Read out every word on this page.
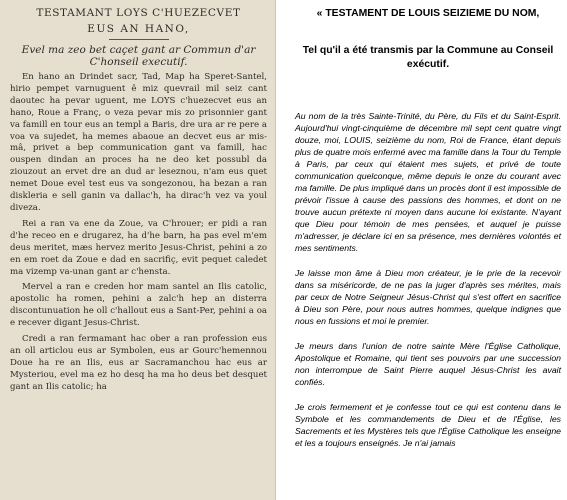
TESTAMANT LOYS C'HUEZECVET
EUS AN HANO,
Evel ma zeo bet caçet gant ar Commun d'ar C'honseil executif.

En hano an Drindet sacr, Tad, Map ha Speret-Santel, hirio pempet varnuguent ê miz quevrail mil seiz cant daoutec ha pevar uguent, me LOYS c'huezecvet eus an hano, Roue a Franç, o veza pevar mis zo prisonnier gant va famill en tour eus an templ a Baris, dre ura ar re pere a voa va sujedet, ha memes abaoue an decvet eus ar mis-mâ, privet a bep communication gant va famill, hac ouspen dindan an proces ha ne deo ket possubl da ziouzout an ervet dre an dud ar leseznou, n'am eus quet nemet Doue evel test eus va songezonou, ha bezan a ran diskleria e sell ganin va dallac'h, ha dirac'h vez va youl diveza.

Rei a ran va ene da Zoue, va C'hrouer; er pidi a ran d'he receo en e drugarez, ha d'he barn, ha pas evel m'em deus meritet, mæs hervez merito Jesus-Christ, pehini a zo en em roet da Zoue e dad en sacrifiç, evit pequet caledet ma vizemp va-unan gant ar c'hensta.

Mervel a ran e creden hor mam santel an Ilis catolic, apostolic ha romen, pehini a zalc'h hep an disterra discontunuation he oll c'hallout eus a Sant-Per, pehini a oa e recever digant Jesus-Christ.

Credi a ran fermamant hac ober a ran profession eus an oll articlou eus ar Symbolen, eus ar Gourc'hemennou Doue ha re an Ilis, eus ar Sacramanchou hac eus ar Mysteriou, evel ma ez ho desq ha ma ho deus bet desquet gant an Ilis catolic; ha

« TESTAMENT DE LOUIS SEIZIEME DU NOM,
Tel qu'il a été transmis par la Commune au Conseil exécutif.

Au nom de la très Sainte-Trinité, du Père, du Fils et du Saint-Esprit. Aujourd'hui vingt-cinquième de décembre mil sept cent quatre vingt douze, moi, LOUIS, seizième du nom, Roi de France, étant depuis plus de quatre mois enfermé avec ma famille dans la Tour du Temple à Paris, par ceux qui étaient mes sujets, et privé de toute communication quelconque, même depuis le onze du courant avec ma famille. De plus impliqué dans un procès dont il est impossible de prévoir l'issue à cause des passions des hommes, et dont on ne trouve aucun prétexte ni moyen dans aucune loi existante. N'ayant que Dieu pour témoin de mes pensées, et auquel je puisse m'adresser, je déclare ici en sa présence, mes dernières volontés et mes sentiments.

Je laisse mon âme à Dieu mon créateur, je le prie de la recevoir dans sa miséricorde, de ne pas la juger d'après ses mérites, mais par ceux de Notre Seigneur Jésus-Christ qui s'est offert en sacrifice à Dieu son Père, pour nous autres hommes, quelque indignes que nous en fussions et moi le premier.

Je meurs dans l'union de notre sainte Mère l'Église Catholique, Apostolique et Romaine, qui tient ses pouvoirs par une succession non interrompue de Saint Pierre auquel Jésus-Christ les avait confiés.

Je crois fermement et je confesse tout ce qui est contenu dans le Symbole et les commandements de Dieu et de l'Église, les Sacrements et les Mystères tels que l'Église Catholique les enseigne et les a toujours enseignés. Je n'ai jamais
